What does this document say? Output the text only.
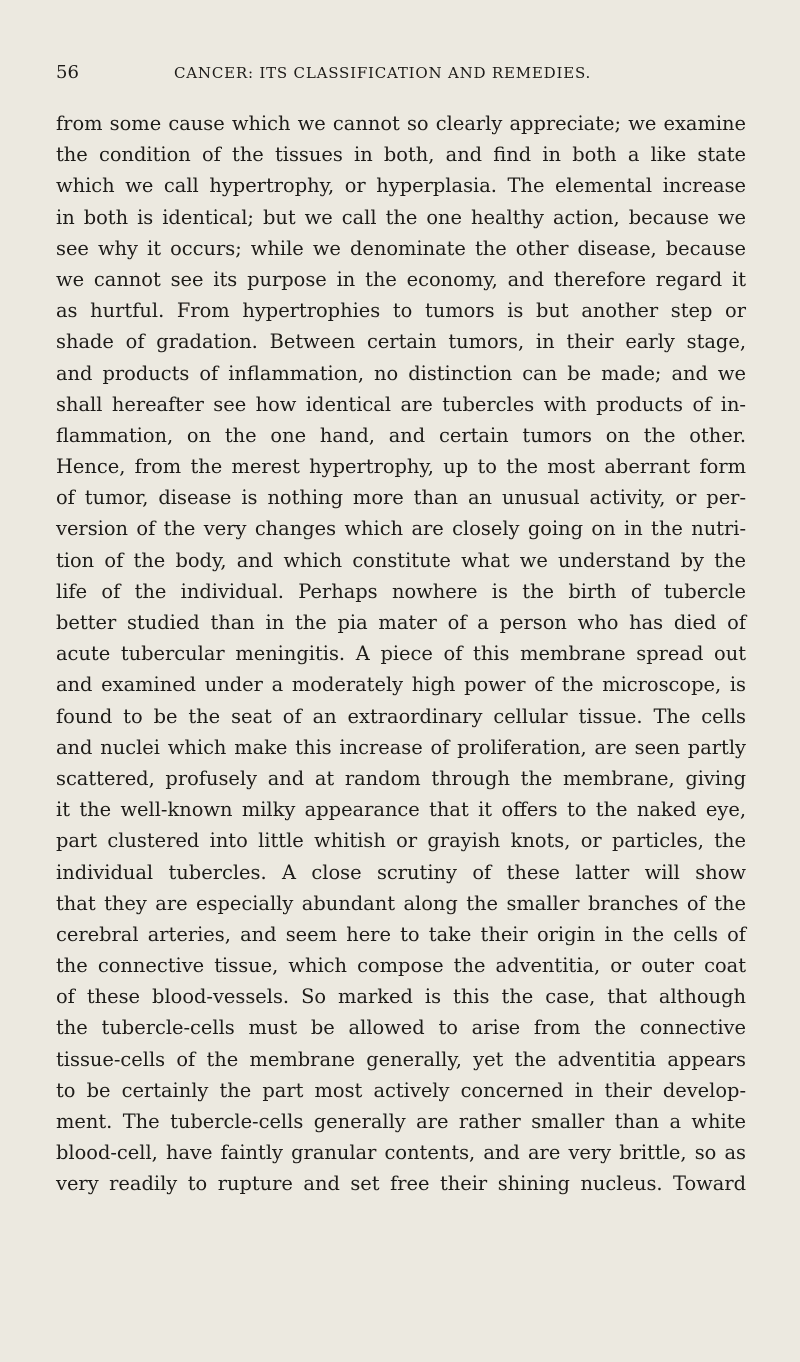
56	CANCER: ITS CLASSIFICATION AND REMEDIES.
from some cause which we cannot so clearly appreciate; we examine
the condition of the tissues in both, and find in both a like state
which we call hypertrophy, or hyperplasia. The elemental increase
in both is identical; but we call the one healthy action, because we
see why it occurs; while we denominate the other disease, because
we cannot see its purpose in the economy, and therefore regard it
as hurtful. From hypertrophies to tumors is but another step or
shade of gradation. Between certain tumors, in their early stage,
and products of inflammation, no distinction can be made; and we
shall hereafter see how identical are tubercles with products of in-
flammation, on the one hand, and certain tumors on the other.
Hence, from the merest hypertrophy, up to the most aberrant form
of tumor, disease is nothing more than an unusual activity, or per-
version of the very changes which are closely going on in the nutri-
tion of the body, and which constitute what we understand by the
life of the individual. Perhaps nowhere is the birth of tubercle
better studied than in the pia mater of a person who has died of
acute tubercular meningitis. A piece of this membrane spread out
and examined under a moderately high power of the microscope, is
found to be the seat of an extraordinary cellular tissue. The cells
and nuclei which make this increase of proliferation, are seen partly
scattered, profusely and at random through the membrane, giving
it the well-known milky appearance that it offers to the naked eye,
part clustered into little whitish or grayish knots, or particles, the
individual tubercles. A close scrutiny of these latter will show
that they are especially abundant along the smaller branches of the
cerebral arteries, and seem here to take their origin in the cells of
the connective tissue, which compose the adventitia, or outer coat
of these blood-vessels. So marked is this the case, that although
the tubercle-cells must be allowed to arise from the connective
tissue-cells of the membrane generally, yet the adventitia appears
to be certainly the part most actively concerned in their develop-
ment. The tubercle-cells generally are rather smaller than a white
blood-cell, have faintly granular contents, and are very brittle, so as
very readily to rupture and set free their shining nucleus. Toward
